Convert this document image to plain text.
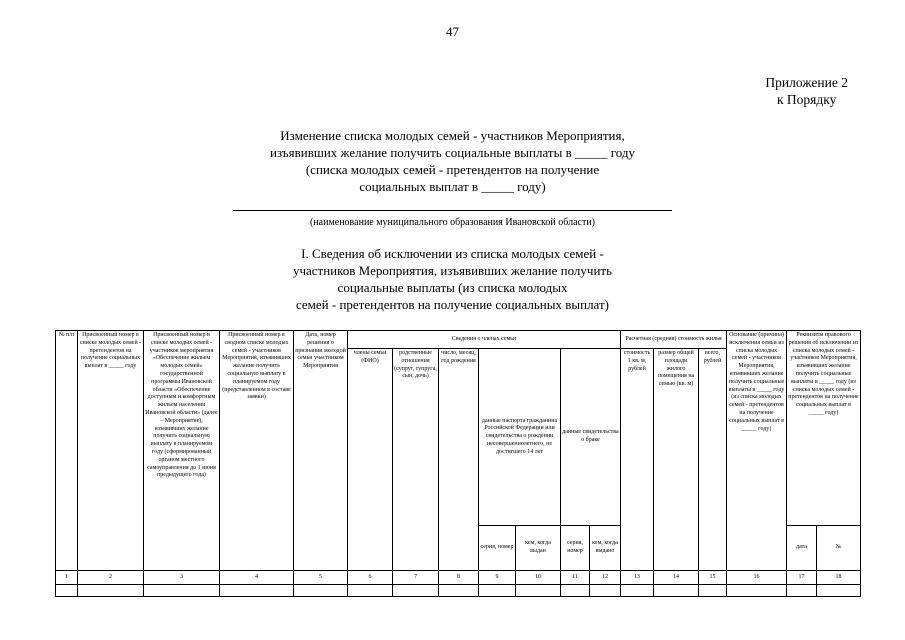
47
Приложение 2
к Порядку
Изменение списка молодых семей - участников Мероприятия,
изъявивших желание получить социальные выплаты в _____ году
(списка молодых семей - претендентов на получение
социальных выплат в _____ году)
(наименование муниципального образования Ивановской области)
I. Сведения об исключении из списка молодых семей -
участников Мероприятия, изъявивших желание получить
социальные выплаты (из списка молодых
семей - претендентов на получение социальных выплат)
№ п/п	Присвоенный номер в списке молодых семей - претендентов на получение социальных выплат в _____ году	Присвоенный номер в списке молодых семей - участников мероприятия «Обеспечение жильем молодых семей» государственной программы Ивановской области «Обеспечение доступным и комфортным жильем населения Ивановской области» (далее – Мероприятие), изъявивших желание получить социальную выплату в планируемом году (сформированный органом местного самоуправления до 1 июня предыдущего года)	Присвоенный номер в сводном списке молодых семей - участников Мероприятия, изъявивших желание получить социальную выплату в планируемом году (представленном в составе заявки)	Дата, номер решения о признании молодой семьи участником Мероприятия	Сведения о членах семьи	Расчетная (средняя) стоимость жилья	Основание (причина) исключения семьи из списка молодых семей - участников Мероприятия, изъявивших желание получить социальные выплаты в _____ году (из списка молодых семей - претендентов на получение социальных выплат в _____ году)	Реквизиты правового решения об исключении из списка молодых семей - участников Мероприятия, изъявивших желание получить социальные выплаты в _____ году (из списка молодых семей - претендентов на получение социальных выплат в _____ году)
					члены семьи (ФИО)	родственные отношения (супруг, супруга, сын, дочь)	число, месяц, год рождения	данные паспорта гражданина Российской Федерации или свидетельства о рождении несовершеннолетнего, не достигшего 14 лет		данные свидетельства о браке		стоимость 1 кв. м, рублей	размер общей площади жилого помещения на семью (кв. м)	всего, рублей			
								серия, номер	кем, когда выдан	серия, номер	кем, когда выдано					дата	№
1	2	3	4	5	6	7	8	9	10	11	12	13	14	15	16	17	18
